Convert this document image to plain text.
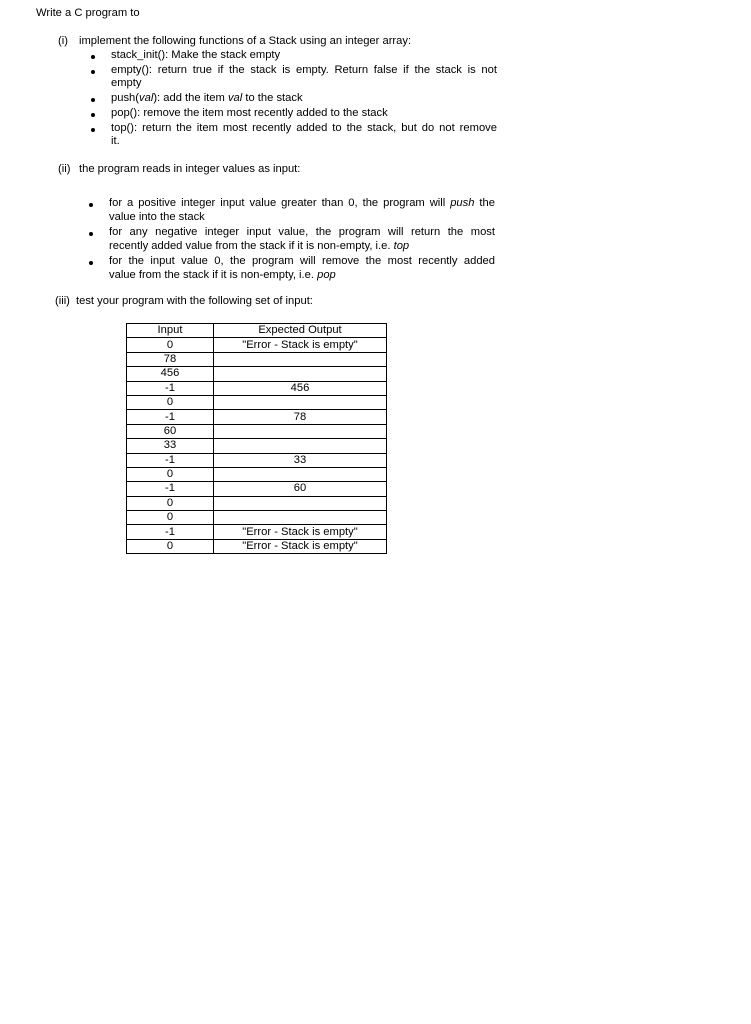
Write a C program to
(i) implement the following functions of a Stack using an integer array:
stack_init(): Make the stack empty
empty(): return true if the stack is empty. Return false if the stack is not
empty
push(val): add the item val to the stack
pop(): remove the item most recently added to the stack
top(): return the item most recently added to the stack, but do not remove
it.
(ii) the program reads in integer values as input:
for a positive integer input value greater than 0, the program will push the
value into the stack
for any negative integer input value, the program will return the most
recently added value from the stack if it is non-empty, i.e. top
for the input value 0, the program will remove the most recently added
value from the stack if it is non-empty, i.e. pop
(iii) test your program with the following set of input:
Input	Expected Output
0	"Error - Stack is empty"
78	
456	
-1	456
0	
-1	78
60	
33	
-1	33
0	
-1	60
0	
0	
-1	"Error - Stack is empty"
0	"Error - Stack is empty"
